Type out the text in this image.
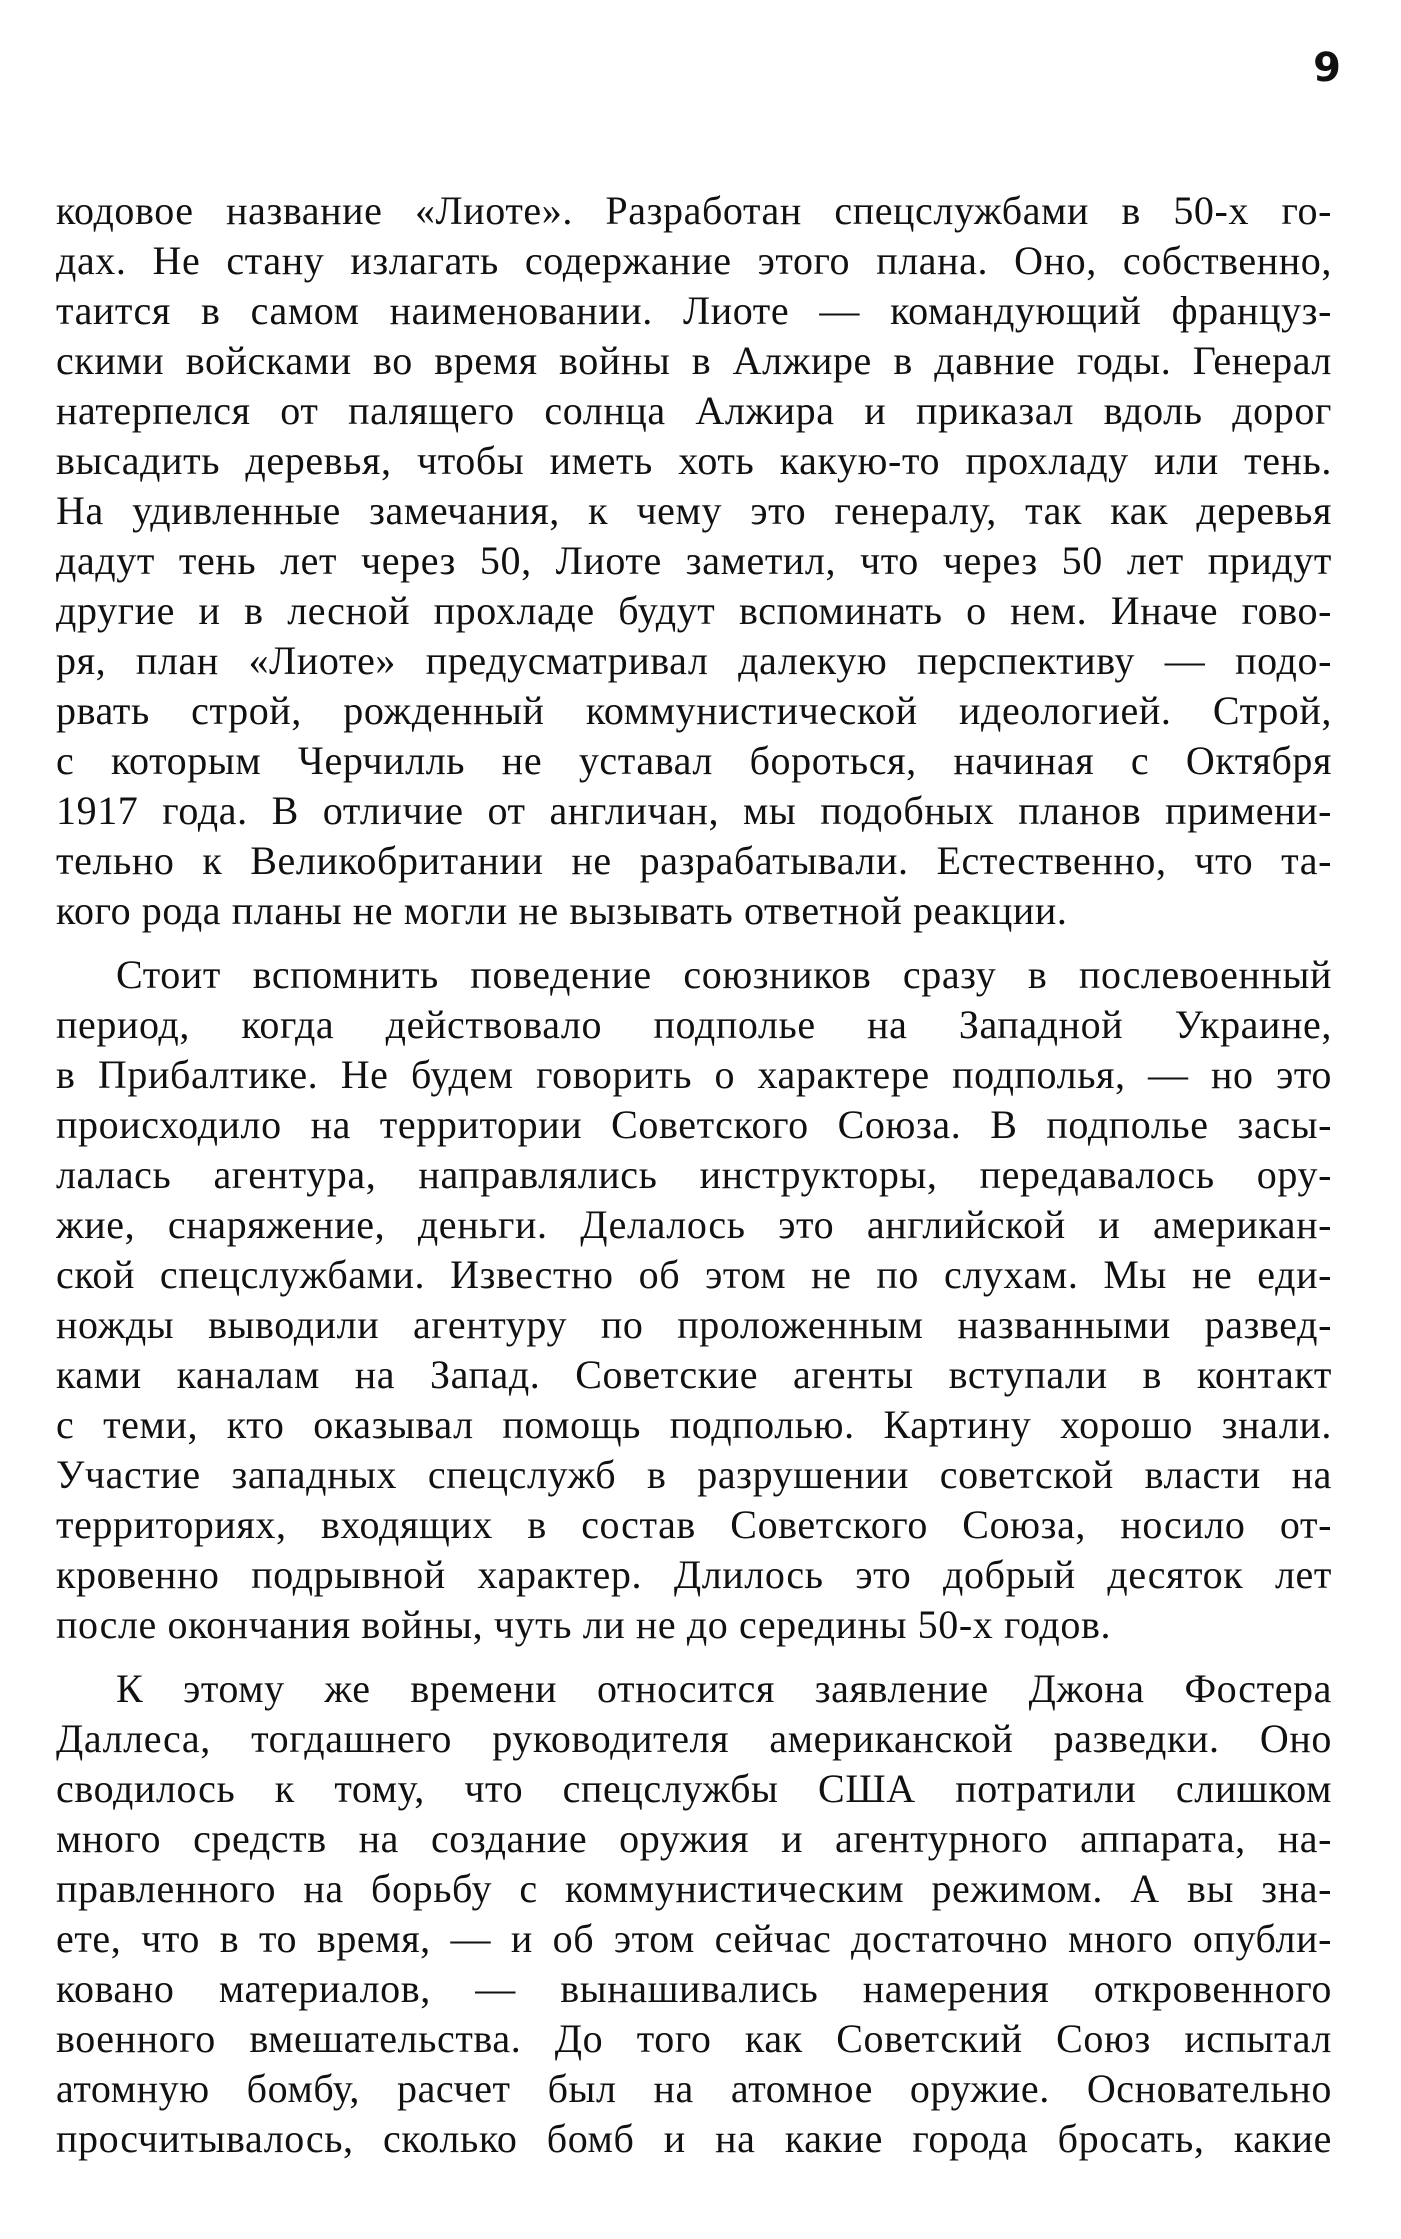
9
кодовое название «Лиоте». Разработан спецслужбами в 50-х го-
дах. Не стану излагать содержание этого плана. Оно, собственно,
таится в самом наименовании. Лиоте — командующий француз-
скими войсками во время войны в Алжире в давние годы. Генерал
натерпелся от палящего солнца Алжира и приказал вдоль дорог
высадить деревья, чтобы иметь хоть какую-то прохладу или тень.
На удивленные замечания, к чему это генералу, так как деревья
дадут тень лет через 50, Лиоте заметил, что через 50 лет придут
другие и в лесной прохладе будут вспоминать о нем. Иначе гово-
ря, план «Лиоте» предусматривал далекую перспективу — подо-
рвать строй, рожденный коммунистической идеологией. Строй,
с которым Черчилль не уставал бороться, начиная с Октября
1917 года. В отличие от англичан, мы подобных планов примени-
тельно к Великобритании не разрабатывали. Естественно, что та-
кого рода планы не могли не вызывать ответной реакции.
Стоит вспомнить поведение союзников сразу в послевоенный
период, когда действовало подполье на Западной Украине,
в Прибалтике. Не будем говорить о характере подполья, — но это
происходило на территории Советского Союза. В подполье засы-
лалась агентура, направлялись инструкторы, передавалось ору-
жие, снаряжение, деньги. Делалось это английской и американ-
ской спецслужбами. Известно об этом не по слухам. Мы не еди-
ножды выводили агентуру по проложенным названными развед-
ками каналам на Запад. Советские агенты вступали в контакт
с теми, кто оказывал помощь подполью. Картину хорошо знали.
Участие западных спецслужб в разрушении советской власти на
территориях, входящих в состав Советского Союза, носило от-
кровенно подрывной характер. Длилось это добрый десяток лет
после окончания войны, чуть ли не до середины 50-х годов.
К этому же времени относится заявление Джона Фостера
Даллеса, тогдашнего руководителя американской разведки. Оно
сводилось к тому, что спецслужбы США потратили слишком
много средств на создание оружия и агентурного аппарата, на-
правленного на борьбу с коммунистическим режимом. А вы зна-
ете, что в то время, — и об этом сейчас достаточно много опубли-
ковано материалов, — вынашивались намерения откровенного
военного вмешательства. До того как Советский Союз испытал
атомную бомбу, расчет был на атомное оружие. Основательно
просчитывалось, сколько бомб и на какие города бросать, какие
